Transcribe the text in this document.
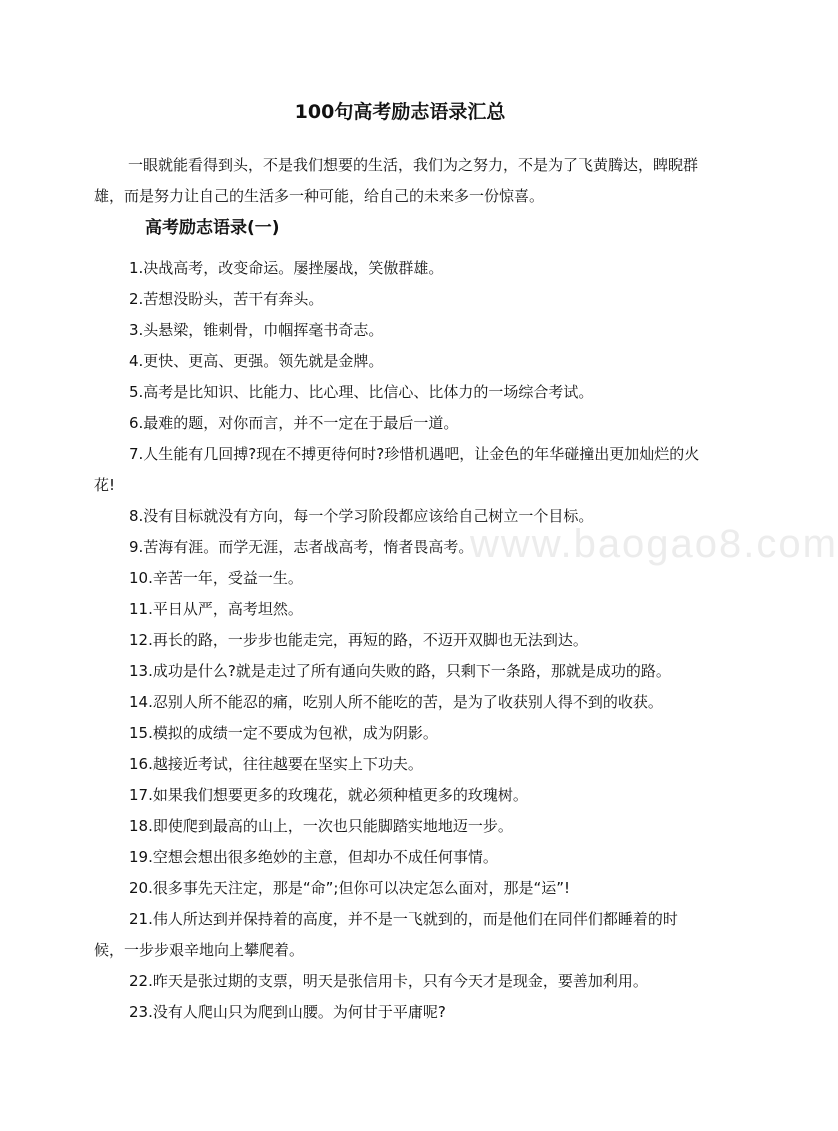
www.baogao8.com
100句高考励志语录汇总

一眼就能看得到头，不是我们想要的生活，我们为之努力，不是为了飞黄腾达，睥睨群雄，而是努力让自己的生活多一种可能，给自己的未来多一份惊喜。

高考励志语录(一)
1.决战高考，改变命运。屡挫屡战，笑傲群雄。
2.苦想没盼头，苦干有奔头。
3.头悬梁，锥刺骨，巾帼挥毫书奇志。
4.更快、更高、更强。领先就是金牌。
5.高考是比知识、比能力、比心理、比信心、比体力的一场综合考试。
6.最难的题，对你而言，并不一定在于最后一道。
7.人生能有几回搏?现在不搏更待何时?珍惜机遇吧，让金色的年华碰撞出更加灿烂的火花!
8.没有目标就没有方向，每一个学习阶段都应该给自己树立一个目标。
9.苦海有涯。而学无涯，志者战高考，惰者畏高考。
10.辛苦一年，受益一生。
11.平日从严，高考坦然。
12.再长的路，一步步也能走完，再短的路，不迈开双脚也无法到达。
13.成功是什么?就是走过了所有通向失败的路，只剩下一条路，那就是成功的路。
14.忍别人所不能忍的痛，吃别人所不能吃的苦，是为了收获别人得不到的收获。
15.模拟的成绩一定不要成为包袱，成为阴影。
16.越接近考试，往往越要在坚实上下功夫。
17.如果我们想要更多的玫瑰花，就必须种植更多的玫瑰树。
18.即使爬到最高的山上，一次也只能脚踏实地地迈一步。
19.空想会想出很多绝妙的主意，但却办不成任何事情。
20.很多事先天注定，那是“命”;但你可以决定怎么面对，那是“运”!
21.伟人所达到并保持着的高度，并不是一飞就到的，而是他们在同伴们都睡着的时候，一步步艰辛地向上攀爬着。
22.昨天是张过期的支票，明天是张信用卡，只有今天才是现金，要善加利用。
23.没有人爬山只为爬到山腰。为何甘于平庸呢?
